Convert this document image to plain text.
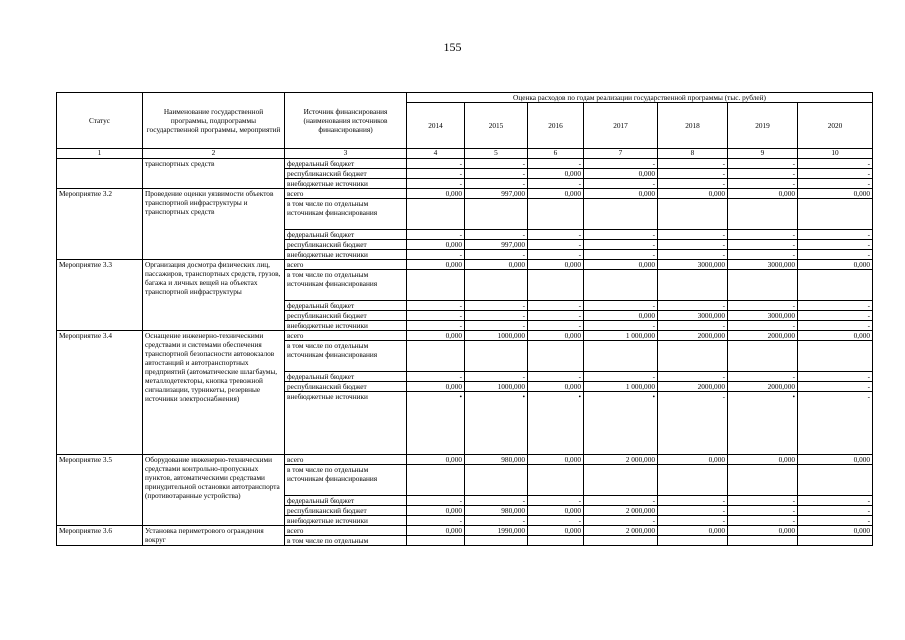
155
Статус	Наименование государственной программы, подпрограммы государственной программы, мероприятий	Источник финансирования (наименования источников финансирования)	Оценка расходов по годам реализации государственной программы (тыс. рублей)						
			2014	2015	2016	2017	2018	2019	2020
1	2	3	4	5	6	7	8	9	10
	транспортных средств	федеральный бюджет	-	-	-	-	-	-	-
		республиканский бюджет	-	-	0,000	0,000	-	-	-
		внебюджетные источники	-	-	-	-	-	-	-
Мероприятие 3.2	Проведение оценки уязвимости объектов транспортной инфраструктуры и транспортных средств	всего	0,000	997,000	0,000	0,000	0,000	0,000	0,000
		в том числе по отдельным источникам финансирования							
		федеральный бюджет	-	-	-	-	-	-	-
		республиканский бюджет	0,000	997,000	-	-	-	-	-
		внебюджетные источники	-	-	-	-	-	-	-
Мероприятие 3.3	Организация досмотра физических лиц, пассажиров, транспортных средств, грузов, багажа и личных вещей на объектах транспортной инфраструктуры	всего	0,000	0,000	0,000	0,000	3000,000	3000,000	0,000
		в том числе по отдельным источникам финансирования							
		федеральный бюджет	-	-	-	-	-	-	-
		республиканский бюджет	-	-	-	0,000	3000,000	3000,000	-
		внебюджетные источники	-	-	-	-	-	-	-
Мероприятие 3.4	Оснащение инженерно-техническими средствами и системами обеспечения транспортной безопасности автовокзалов автостанций и автотранспортных предприятий (автоматические шлагбаумы, металлодетекторы, кнопка тревожной сигнализации, турникеты, резервные источники электроснабжения)	всего	0,000	1000,000	0,000	1 000,000	2000,000	2000,000	0,000
		в том числе по отдельным источникам финансирования							
		федеральный бюджет	-	-	-	-	-	-	-
		республиканский бюджет	0,000	1000,000	0,000	1 000,000	2000,000	2000,000	-
		внебюджетные источники	•	•	•	•	-	•	-
Мероприятие 3.5	Оборудование инженерно-техническими средствами контрольно-пропускных пунктов, автоматическими средствами принудительной остановки автотранспорта (противотаранные устройства)	всего	0,000	980,000	0,000	2 000,000	0,000	0,000	0,000
		в том числе по отдельным источникам финансирования							
		федеральный бюджет	-	-	-	-	-	-	-
		республиканский бюджет	0,000	980,000	0,000	2 000,000	-	-	-
		внебюджетные источники	-	-	-	-	-	-	-
Мероприятие 3.6	Установка периметрового ограждения вокруг	всего	0,000	1990,000	0,000	2 000,000	0,000	0,000	0,000
		в том числе по отдельным							
